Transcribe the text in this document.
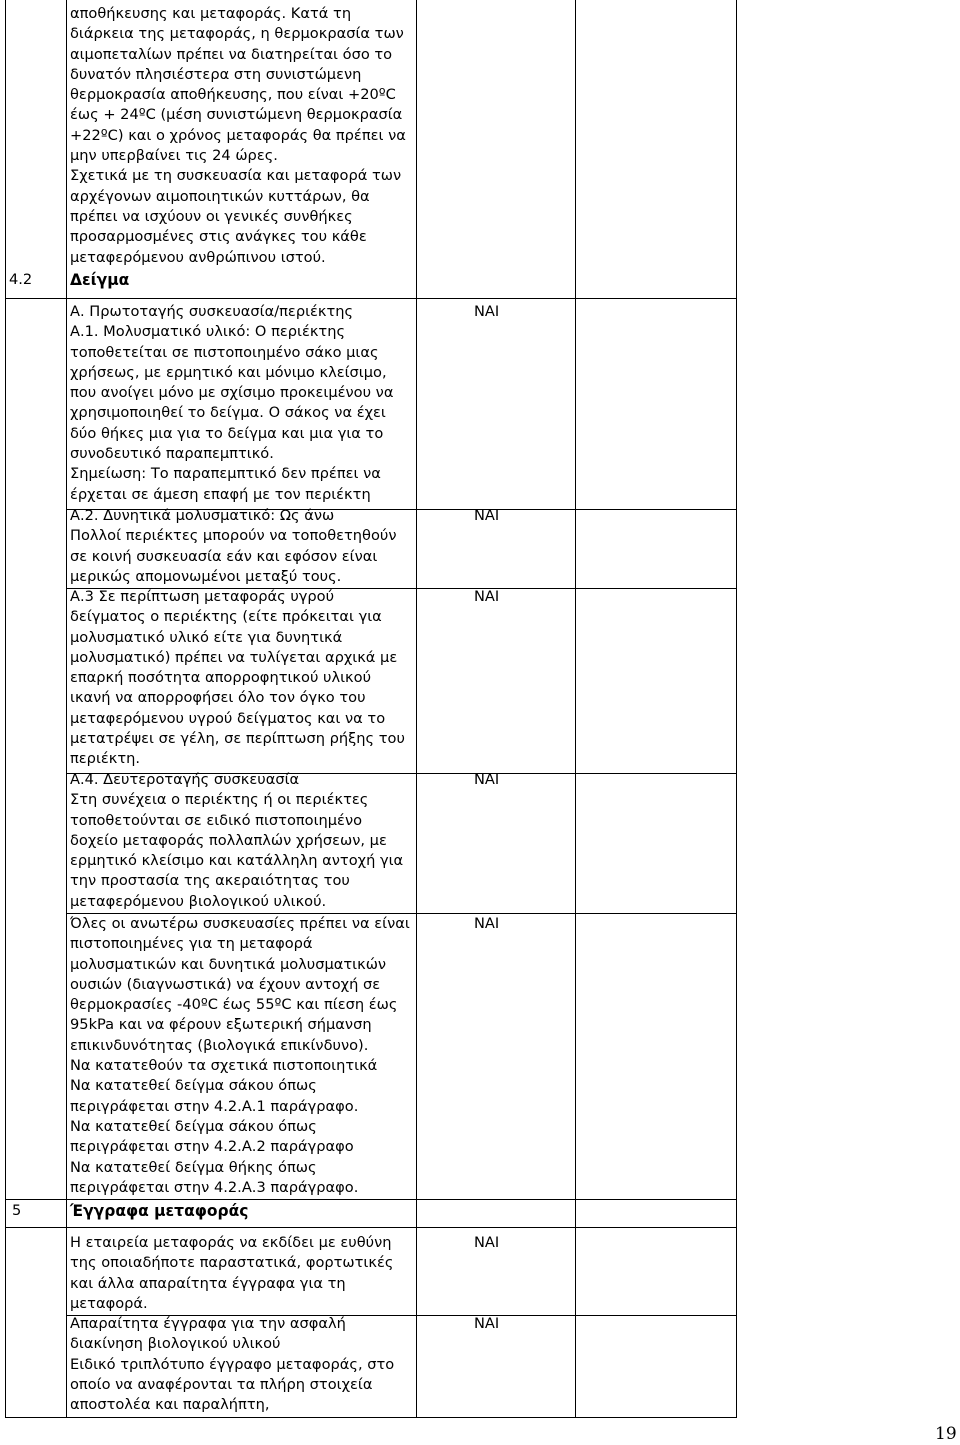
αποθήκευσης και μεταφοράς. Κατά τη

διάρκεια της μεταφοράς, η θερμοκρασία των

αιμοπεταλίων πρέπει να διατηρείται όσο το

δυνατόν πλησιέστερα στη συνιστώμενη

θερμοκρασία αποθήκευσης, που είναι +20ºC

έως + 24ºC (μέση συνιστώμενη θερμοκρασία

+22ºC) και ο χρόνος μεταφοράς θα πρέπει να

μην υπερβαίνει τις 24 ώρες.

Σχετικά με τη συσκευασία και μεταφορά των

αρχέγονων αιμοποιητικών κυττάρων, θα

πρέπει να ισχύουν οι γενικές συνθήκες

προσαρμοσμένες στις ανάγκες του κάθε

μεταφερόμενου ανθρώπινου ιστού.

4.2 Δείγμα

Α. Πρωτοταγής συσκευασία/περιέκτης

Α.1. Μολυσματικό υλικό: Ο περιέκτης

τοποθετείται σε πιστοποιημένο σάκο μιας

χρήσεως, με ερμητικό και μόνιμο κλείσιμο,

που ανοίγει μόνο με σχίσιμο προκειμένου να

χρησιμοποιηθεί το δείγμα. Ο σάκος να έχει

δύο θήκες μια για το δείγμα και μια για το

συνοδευτικό παραπεμπτικό.

Σημείωση: Το παραπεμπτικό δεν πρέπει να

έρχεται σε άμεση επαφή με τον περιέκτη

ΝΑΙ

Α.2. Δυνητικά μολυσματικό: Ως άνω

Πολλοί περιέκτες μπορούν να τοποθετηθούν

σε κοινή συσκευασία εάν και εφόσον είναι

μερικώς απομονωμένοι μεταξύ τους.

ΝΑΙ

Α.3 Σε περίπτωση μεταφοράς υγρού

δείγματος ο περιέκτης (είτε πρόκειται για

μολυσματικό υλικό είτε για δυνητικά

μολυσματικό) πρέπει να τυλίγεται αρχικά με

επαρκή ποσότητα απορροφητικού υλικού

ικανή να απορροφήσει όλο τον όγκο του

μεταφερόμενου υγρού δείγματος και να το

μετατρέψει σε γέλη, σε περίπτωση ρήξης του

περιέκτη.

ΝΑΙ

Α.4. Δευτεροταγής συσκευασία

Στη συνέχεια ο περιέκτης ή οι περιέκτες

τοποθετούνται σε ειδικό πιστοποιημένο

δοχείο μεταφοράς πολλαπλών χρήσεων, με

ερμητικό κλείσιμο και κατάλληλη αντοχή για

την προστασία της ακεραιότητας του

μεταφερόμενου βιολογικού υλικού.

ΝΑΙ

Όλες οι ανωτέρω συσκευασίες πρέπει να είναι

πιστοποιημένες για τη μεταφορά

μολυσματικών και δυνητικά μολυσματικών

ουσιών (διαγνωστικά) να έχουν αντοχή σε

θερμοκρασίες -40ºC έως 55ºC και πίεση έως

95kPa και να φέρουν εξωτερική σήμανση

επικινδυνότητας (βιολογικά επικίνδυνο).

Να κατατεθούν τα σχετικά πιστοποιητικά

Να κατατεθεί δείγμα σάκου όπως

περιγράφεται στην 4.2.Α.1 παράγραφο.

Να κατατεθεί δείγμα σάκου όπως

περιγράφεται στην 4.2.Α.2 παράγραφο

Να κατατεθεί δείγμα θήκης όπως

περιγράφεται στην 4.2.Α.3 παράγραφο.

ΝΑΙ
5	Έγγραφα μεταφοράς

Η εταιρεία μεταφοράς να εκδίδει με ευθύνη

της οποιαδήποτε παραστατικά, φορτωτικές

και άλλα απαραίτητα έγγραφα για τη

μεταφορά.

ΝΑΙ

Απαραίτητα έγγραφα για την ασφαλή

διακίνηση βιολογικού υλικού

Ειδικό τριπλότυπο έγγραφο μεταφοράς, στο

οποίο να αναφέρονται τα πλήρη στοιχεία

αποστολέα και παραλήπτη,

ΝΑΙ
19
